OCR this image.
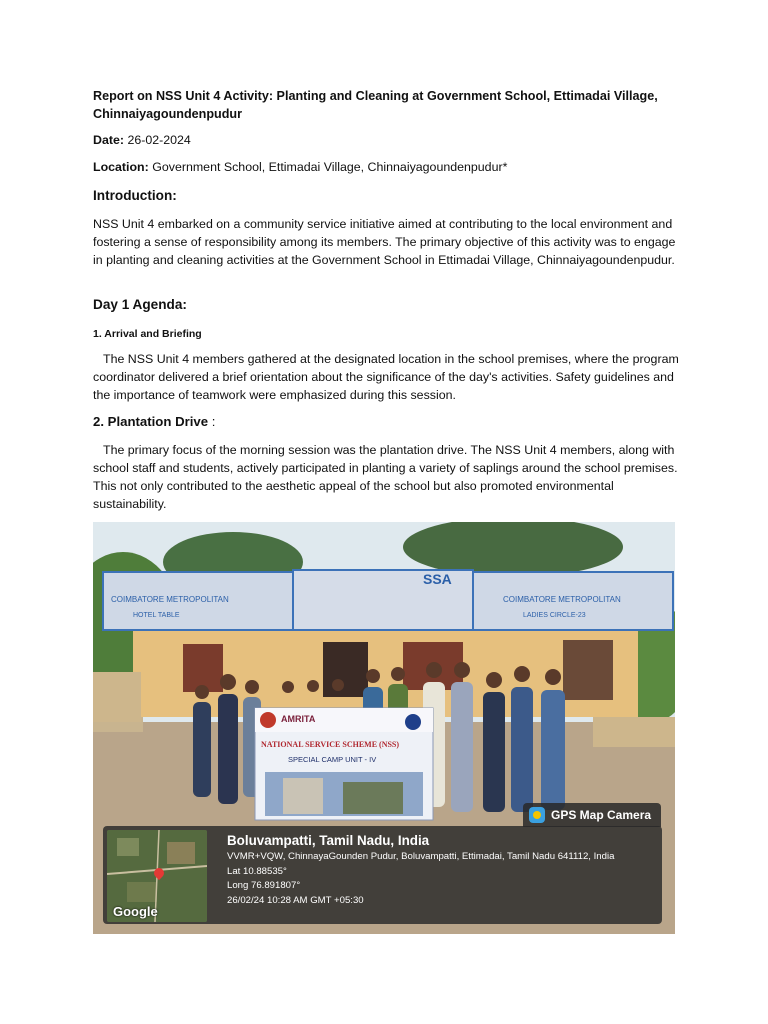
Report on NSS Unit 4 Activity: Planting and Cleaning at Government School, Ettimadai Village, Chinnaiyagoundenpudur
Date: 26-02-2024
Location: Government School, Ettimadai Village, Chinnaiyagoundenpudur*
Introduction:
NSS Unit 4 embarked on a community service initiative aimed at contributing to the local environment and fostering a sense of responsibility among its members. The primary objective of this activity was to engage in planting and cleaning activities at the Government School in Ettimadai Village, Chinnaiyagoundenpudur.
Day 1 Agenda:
1. Arrival and Briefing
The NSS Unit 4 members gathered at the designated location in the school premises, where the program coordinator delivered a brief orientation about the significance of the day's activities. Safety guidelines and the importance of teamwork were emphasized during this session.
2. Plantation Drive :
The primary focus of the morning session was the plantation drive. The NSS Unit 4 members, along with school staff and students, actively participated in planting a variety of saplings around the school premises. This not only contributed to the aesthetic appeal of the school but also promoted environmental sustainability.
SSA
COIMBATORE METROPOLITAN
HOTEL TABLE
COIMBATORE METROPOLITAN
LADIES CIRCLE-23
AMRITA
NATIONAL SERVICE SCHEME (NSS)
SPECIAL CAMP UNIT - IV
GPS Map Camera
Google
Boluvampatti, Tamil Nadu, India
VVMR+VQW, ChinnayaGounden Pudur, Boluvampatti, Ettimadai, Tamil Nadu 641112, India
Lat 10.88535°
Long 76.891807°
26/02/24 10:28 AM GMT +05:30
